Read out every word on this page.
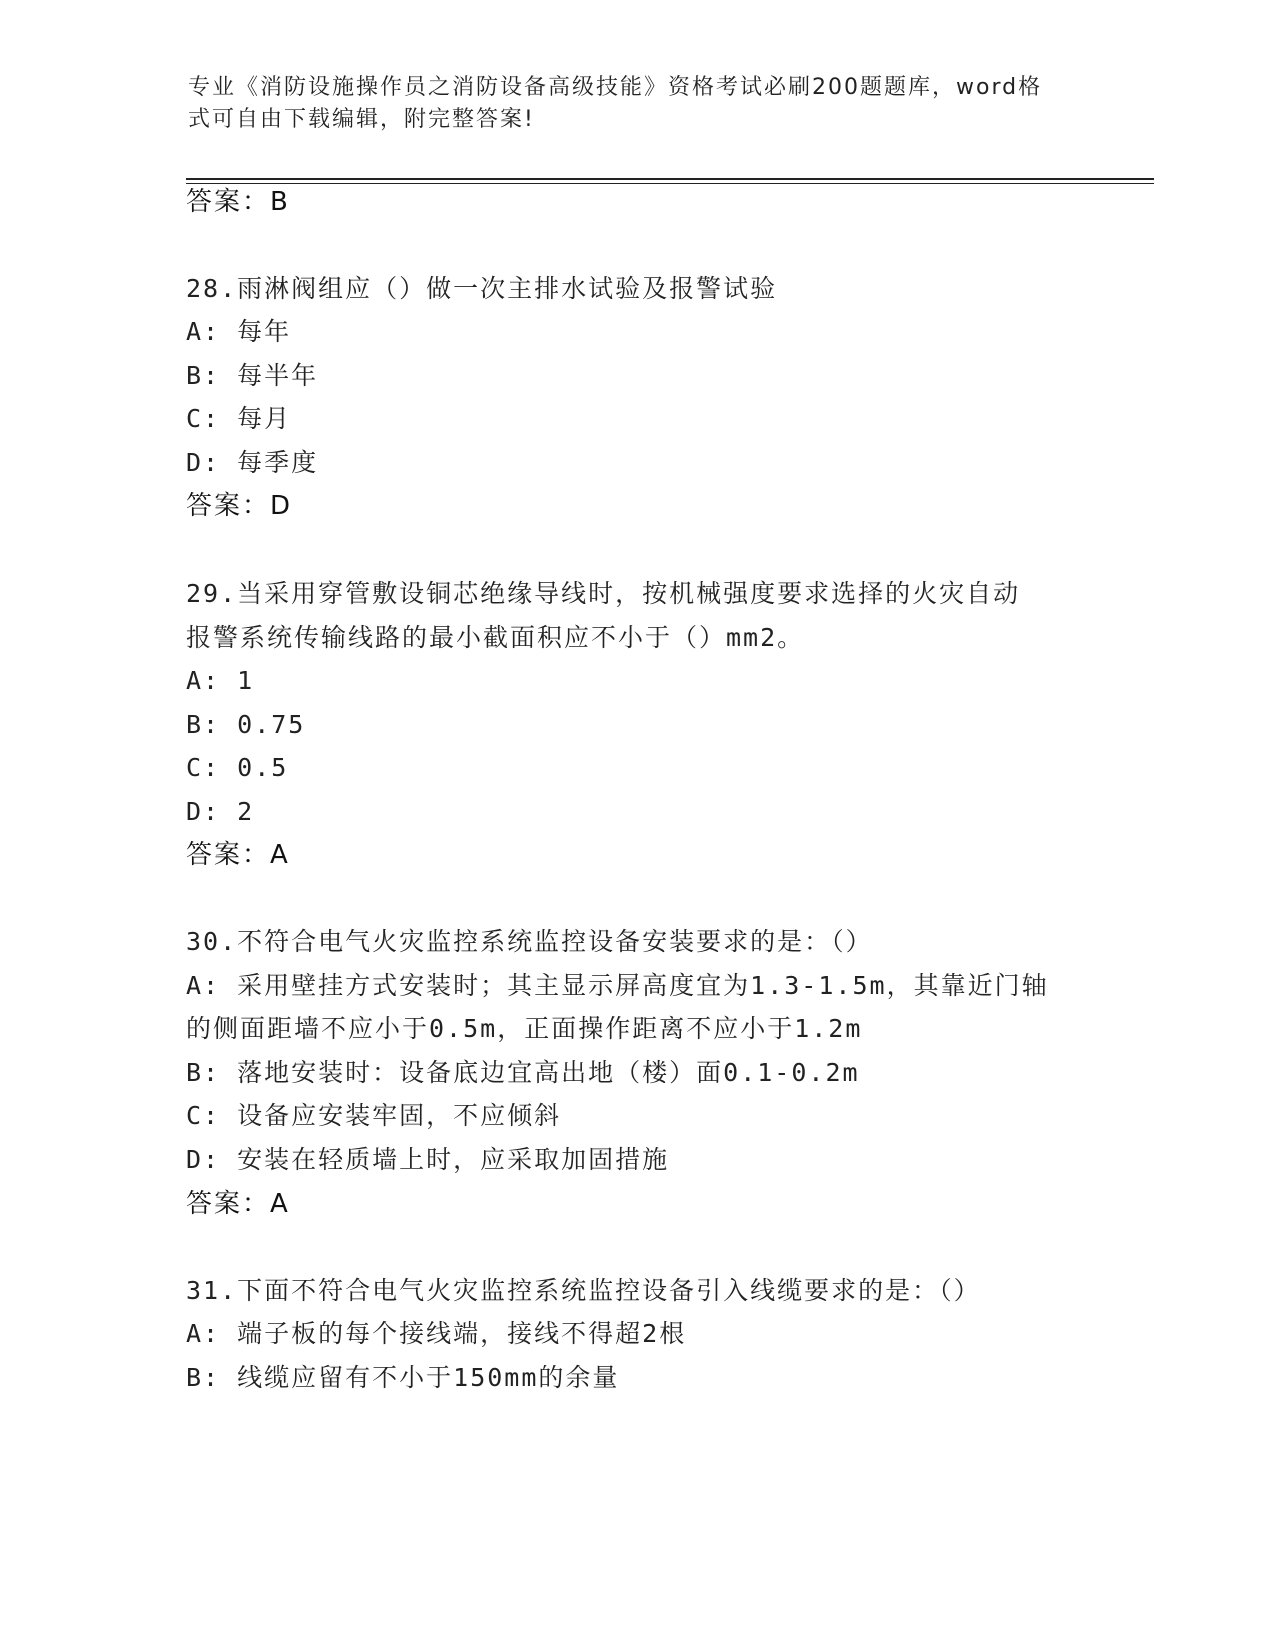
专业《消防设施操作员之消防设备高级技能》资格考试必刷200题题库，word格
式可自由下载编辑，附完整答案!
答案：B
28.雨淋阀组应（）做一次主排水试验及报警试验
A: 每年
B: 每半年
C: 每月
D: 每季度
答案：D
29.当采用穿管敷设铜芯绝缘导线时，按机械强度要求选择的火灾自动
报警系统传输线路的最小截面积应不小于（）mm2。
A: 1
B: 0.75
C: 0.5
D: 2
答案：A
30.不符合电气火灾监控系统监控设备安装要求的是：（）
A: 采用壁挂方式安装时；其主显示屏高度宜为1.3-1.5m，其靠近门轴
的侧面距墙不应小于0.5m，正面操作距离不应小于1.2m
B: 落地安装时：设备底边宜高出地（楼）面0.1-0.2m
C: 设备应安装牢固，不应倾斜
D: 安装在轻质墙上时，应采取加固措施
答案：A
31.下面不符合电气火灾监控系统监控设备引入线缆要求的是：（）
A: 端子板的每个接线端，接线不得超2根
B: 线缆应留有不小于150mm的余量
